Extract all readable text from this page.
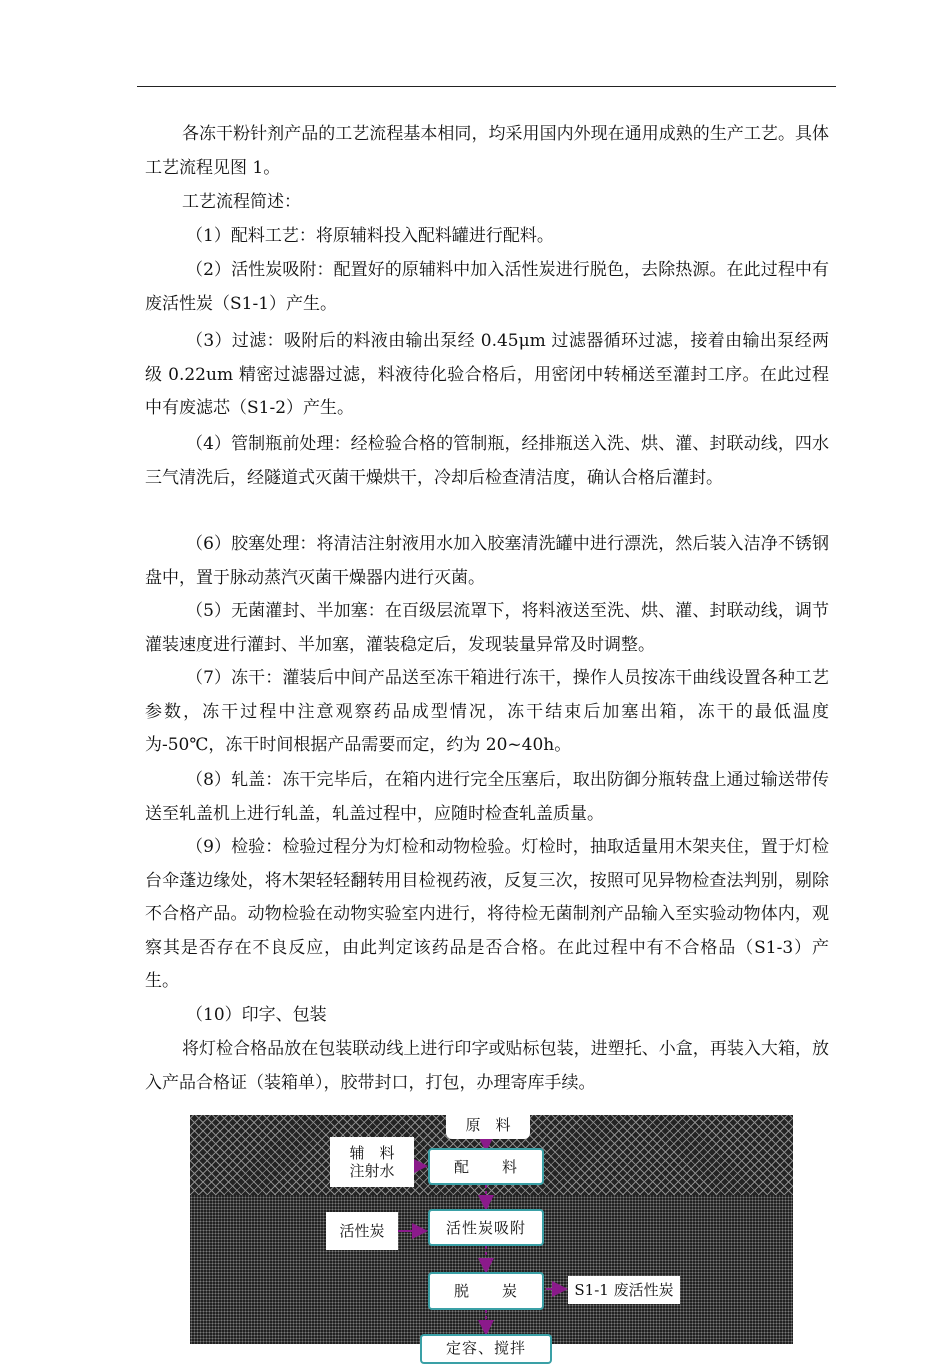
各冻干粉针剂产品的工艺流程基本相同，均采用国内外现在通用成熟的生产工艺。具体工艺流程见图 1。

工艺流程简述：

（1）配料工艺：将原辅料投入配料罐进行配料。

（2）活性炭吸附：配置好的原辅料中加入活性炭进行脱色，去除热源。在此过程中有废活性炭（S1-1）产生。

（3）过滤：吸附后的料液由输出泵经 0.45μm 过滤器循环过滤，接着由输出泵经两级 0.22um 精密过滤器过滤，料液待化验合格后，用密闭中转桶送至灌封工序。在此过程中有废滤芯（S1-2）产生。

（4）管制瓶前处理：经检验合格的管制瓶，经排瓶送入洗、烘、灌、封联动线，四水三气清洗后，经隧道式灭菌干燥烘干，冷却后检查清洁度，确认合格后灌封。

（6）胶塞处理：将清洁注射液用水加入胶塞清洗罐中进行漂洗，然后装入洁净不锈钢盘中，置于脉动蒸汽灭菌干燥器内进行灭菌。

（5）无菌灌封、半加塞：在百级层流罩下，将料液送至洗、烘、灌、封联动线，调节灌装速度进行灌封、半加塞，灌装稳定后，发现装量异常及时调整。

（7）冻干：灌装后中间产品送至冻干箱进行冻干，操作人员按冻干曲线设置各种工艺参数，冻干过程中注意观察药品成型情况，冻干结束后加塞出箱，冻干的最低温度为-50℃，冻干时间根据产品需要而定，约为 20~40h。

（8）轧盖：冻干完毕后，在箱内进行完全压塞后，取出防御分瓶转盘上通过输送带传送至轧盖机上进行轧盖，轧盖过程中，应随时检查轧盖质量。

（9）检验：检验过程分为灯检和动物检验。灯检时，抽取适量用木架夹住，置于灯检台伞蓬边缘处，将木架轻轻翻转用目检视药液，反复三次，按照可见异物检查法判别，剔除不合格产品。动物检验在动物实验室内进行，将待检无菌制剂产品输入至实验动物体内，观察其是否存在不良反应，由此判定该药品是否合格。在此过程中有不合格品（S1-3）产生。

（10）印字、包装

将灯检合格品放在包装联动线上进行印字或贴标包装，进塑托、小盒，再装入大箱，放入产品合格证（装箱单），胶带封口，打包，办理寄库手续。

原　料
辅　料
注射水	配　　料
活性炭	活性炭吸附
脱　　炭	S1-1 废活性炭
定容、搅拌
